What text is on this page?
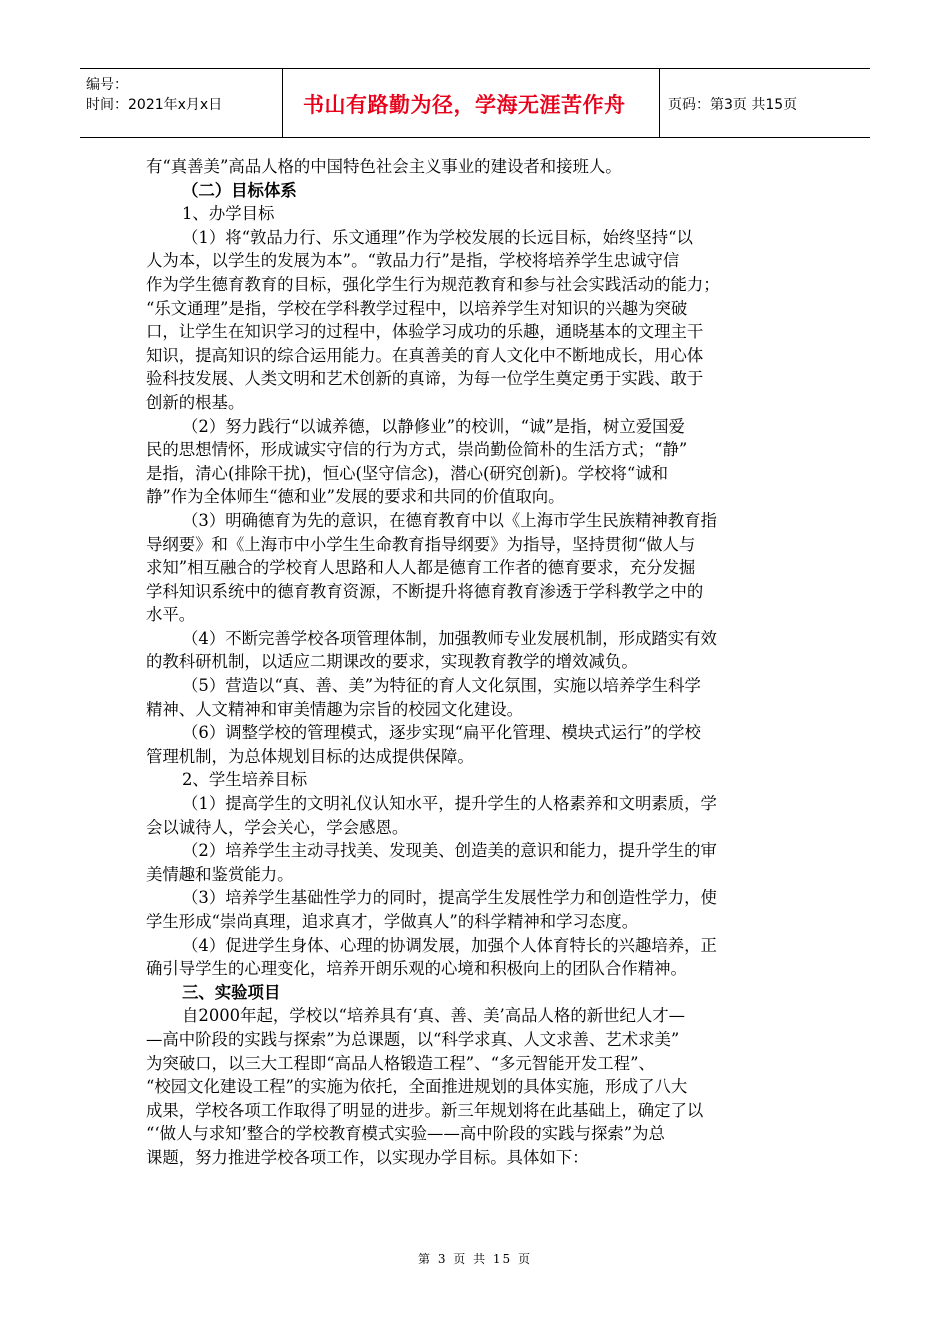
编号：
时间：2021年x月x日	书山有路勤为径，学海无涯苦作舟	页码：第3页 共15页
有“真善美”高品人格的中国特色社会主义事业的建设者和接班人。
（二）目标体系
1、办学目标
（1）将“敦品力行、乐文通理”作为学校发展的长远目标，始终坚持“以
人为本，以学生的发展为本”。“敦品力行”是指，学校将培养学生忠诚守信
作为学生德育教育的目标，强化学生行为规范教育和参与社会实践活动的能力；
“乐文通理”是指，学校在学科教学过程中，以培养学生对知识的兴趣为突破
口，让学生在知识学习的过程中，体验学习成功的乐趣，通晓基本的文理主干
知识，提高知识的综合运用能力。在真善美的育人文化中不断地成长，用心体
验科技发展、人类文明和艺术创新的真谛，为每一位学生奠定勇于实践、敢于
创新的根基。
（2）努力践行“以诚养德，以静修业”的校训，“诚”是指，树立爱国爱
民的思想情怀，形成诚实守信的行为方式，崇尚勤俭简朴的生活方式；“静”
是指，清心(排除干扰)，恒心(坚守信念)，潜心(研究创新)。学校将“诚和
静”作为全体师生“德和业”发展的要求和共同的价值取向。
（3）明确德育为先的意识，在德育教育中以《上海市学生民族精神教育指
导纲要》和《上海市中小学生生命教育指导纲要》为指导，坚持贯彻“做人与
求知”相互融合的学校育人思路和人人都是德育工作者的德育要求，充分发掘
学科知识系统中的德育教育资源，不断提升将德育教育渗透于学科教学之中的
水平。
（4）不断完善学校各项管理体制，加强教师专业发展机制，形成踏实有效
的教科研机制，以适应二期课改的要求，实现教育教学的增效减负。
（5）营造以“真、善、美”为特征的育人文化氛围，实施以培养学生科学
精神、人文精神和审美情趣为宗旨的校园文化建设。
（6）调整学校的管理模式，逐步实现“扁平化管理、模块式运行”的学校
管理机制，为总体规划目标的达成提供保障。
2、学生培养目标
（1）提高学生的文明礼仪认知水平，提升学生的人格素养和文明素质，学
会以诚待人，学会关心，学会感恩。
（2）培养学生主动寻找美、发现美、创造美的意识和能力，提升学生的审
美情趣和鉴赏能力。
（3）培养学生基础性学力的同时，提高学生发展性学力和创造性学力，使
学生形成“崇尚真理，追求真才，学做真人”的科学精神和学习态度。
（4）促进学生身体、心理的协调发展，加强个人体育特长的兴趣培养，正
确引导学生的心理变化，培养开朗乐观的心境和积极向上的团队合作精神。
三、实验项目
自2000年起，学校以“培养具有‘真、善、美’高品人格的新世纪人才—
—高中阶段的实践与探索”为总课题，以“科学求真、人文求善、艺术求美”
为突破口，以三大工程即“高品人格锻造工程”、“多元智能开发工程”、
“校园文化建设工程”的实施为依托，全面推进规划的具体实施，形成了八大
成果，学校各项工作取得了明显的进步。新三年规划将在此基础上，确定了以
“‘做人与求知’整合的学校教育模式实验——高中阶段的实践与探索”为总
课题，努力推进学校各项工作，以实现办学目标。具体如下：
第 3 页 共 15 页
